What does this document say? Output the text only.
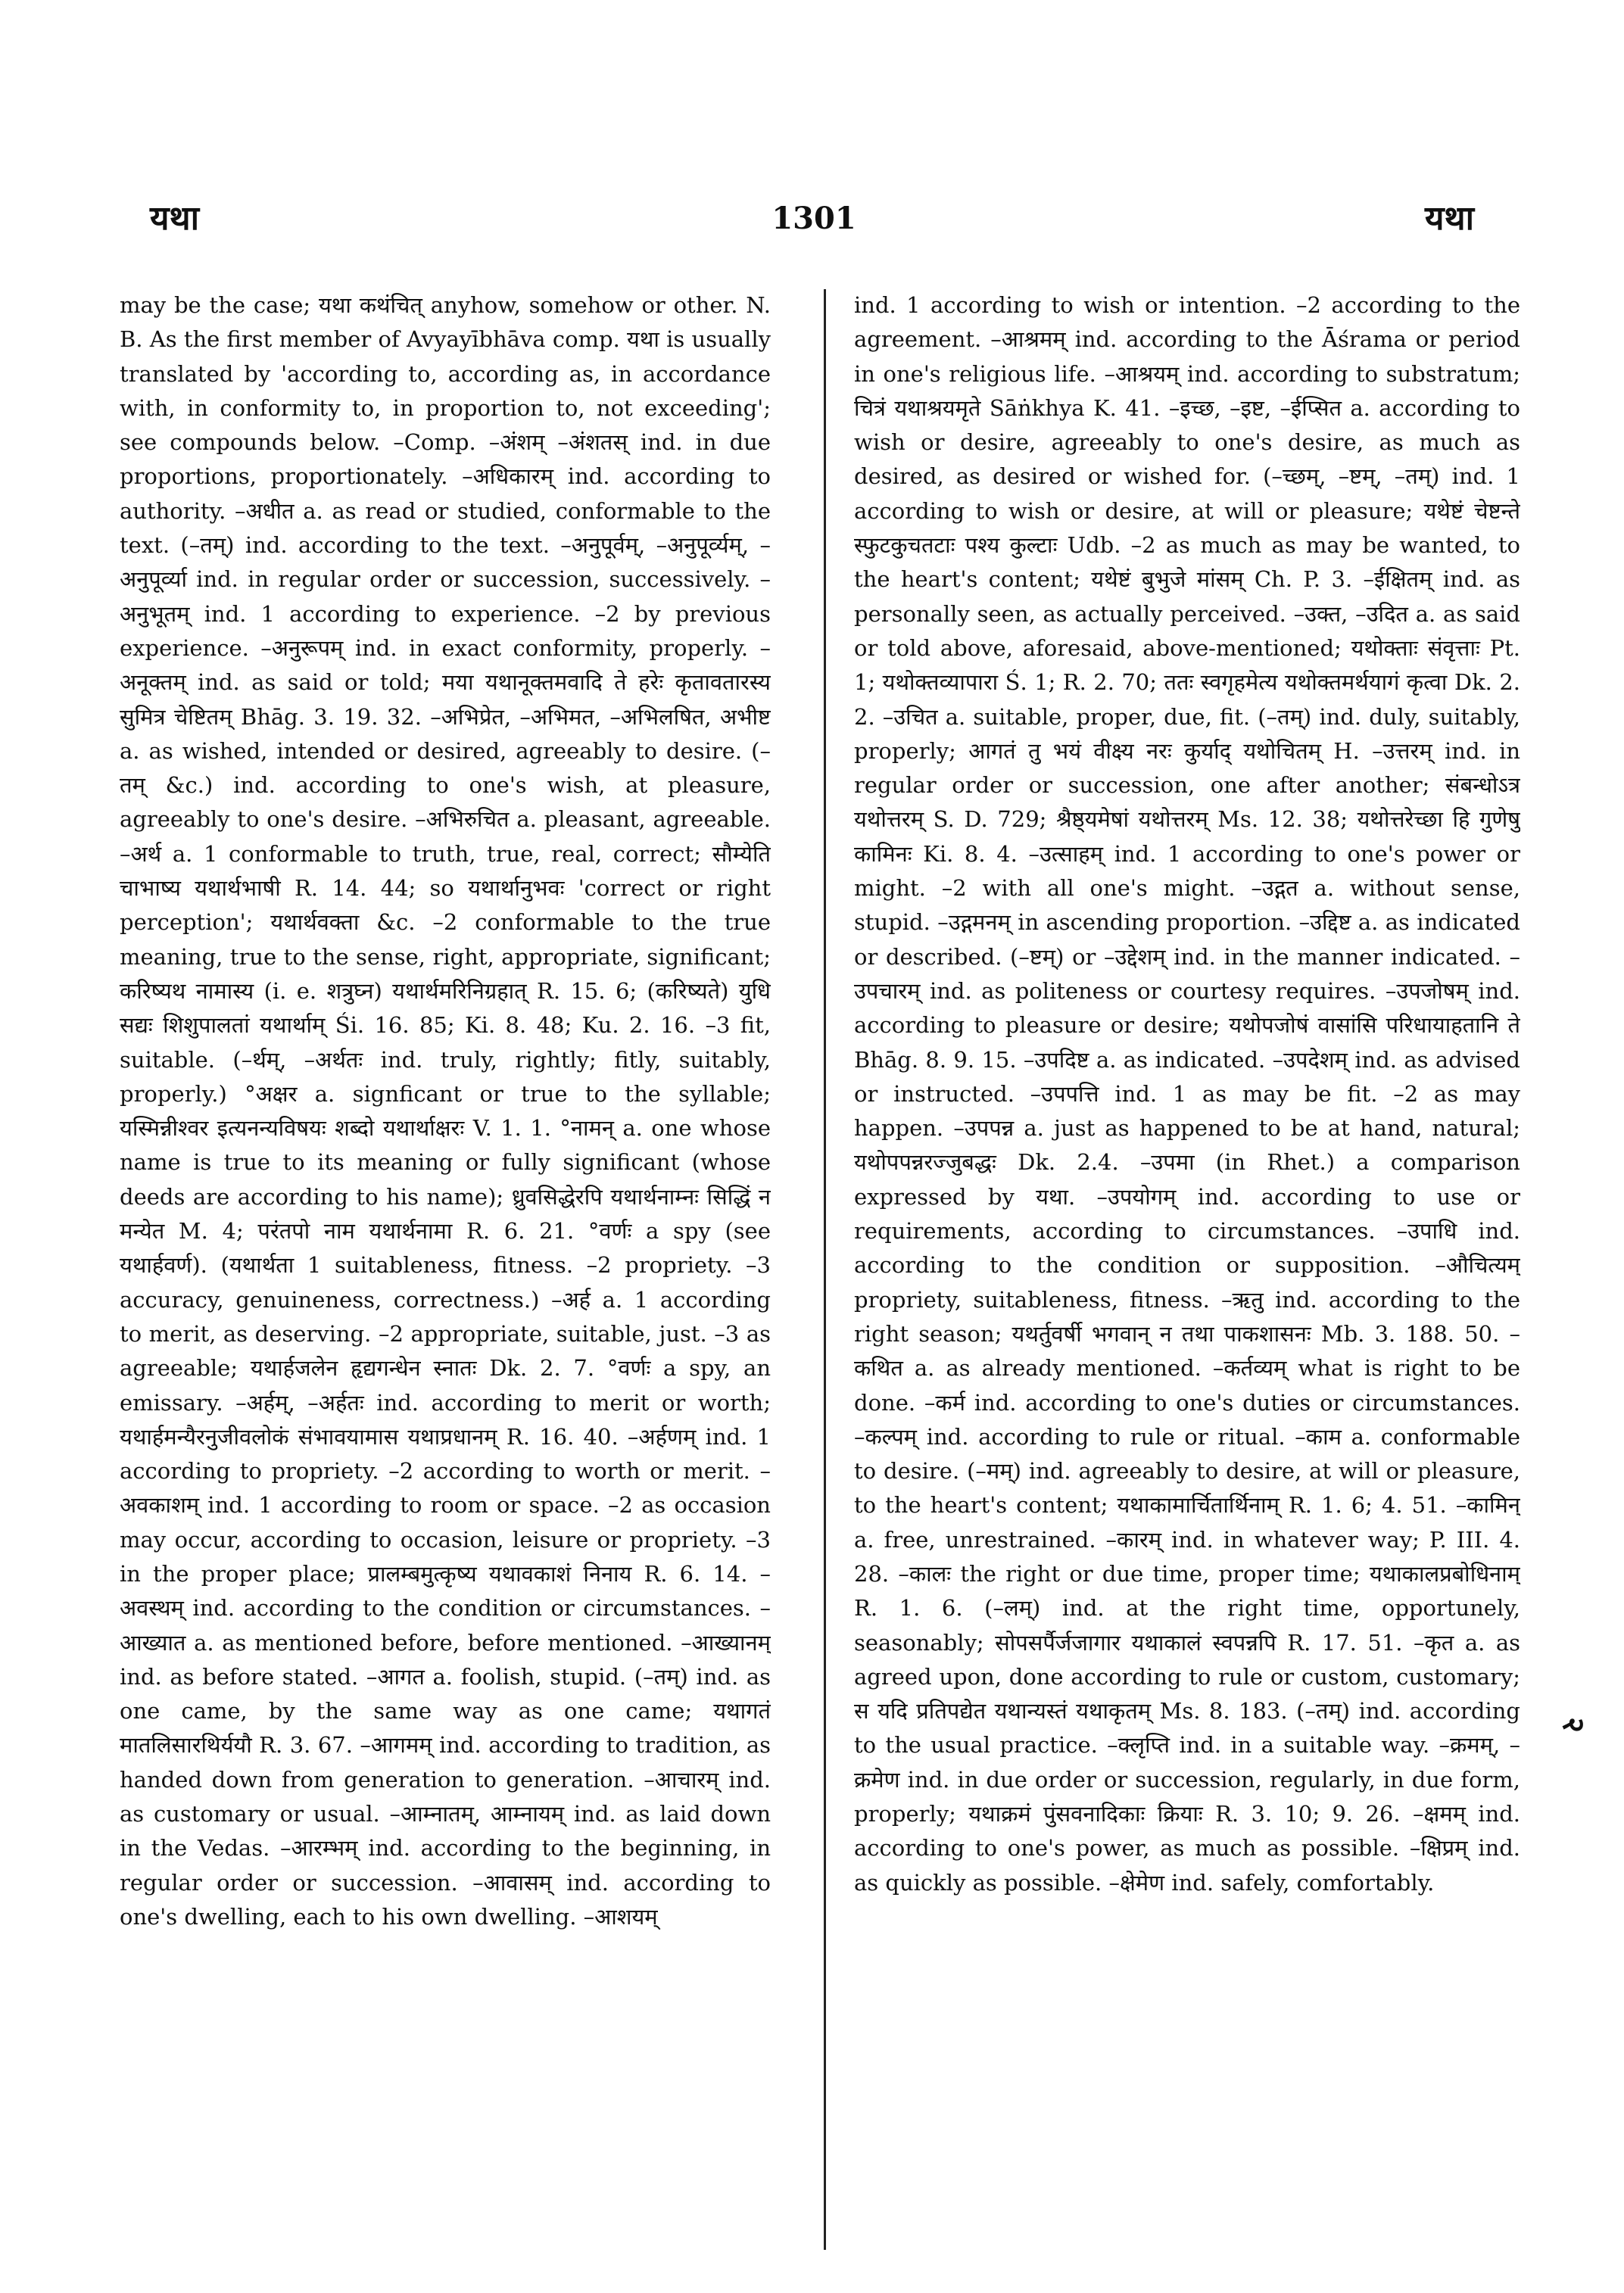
यथा	1301	यथा

may be the case; यथा कथंचित् anyhow, somehow or other. N. B. As the first member of Avyayībhāva comp. यथा is usually translated by 'according to, according as, in accordance with, in conformity to, in proportion to, not exceeding'; see compounds below. –Comp. –अंशम् –अंशतस् ind. in due proportions, proportionately. –अधिकारम् ind. according to authority. –अधीत a. as read or studied, conformable to the text. (–तम्) ind. according to the text. –अनुपूर्वम्, –अनुपूर्व्यम्, –अनुपूर्व्या ind. in regular order or succession, successively. –अनुभूतम् ind. 1 according to experience. –2 by previous experience. –अनुरूपम् ind. in exact conformity, properly. –अनूक्तम् ind. as said or told; मया यथानूक्तमवादि ते हरेः कृतावतारस्य सुमित्र चेष्टितम् Bhāg. 3. 19. 32. –अभिप्रेत, –अभिमत, –अभिलषित, अभीष्ट a. as wished, intended or desired, agreeably to desire. (–तम् &c.) ind. according to one's wish, at pleasure, agreeably to one's desire. –अभिरुचित a. pleasant, agreeable. –अर्थ a. 1 conformable to truth, true, real, correct; सौम्येति चाभाष्य यथार्थभाषी R. 14. 44; so यथार्थानुभवः 'correct or right perception'; यथार्थवक्ता &c. –2 conformable to the true meaning, true to the sense, right, appropriate, significant; करिष्यथ नामास्य (i. e. शत्रुघ्न) यथार्थमरिनिग्रहात् R. 15. 6; (करिष्यते) युधि सद्यः शिशुपालतां यथार्थाम् Śi. 16. 85; Ki. 8. 48; Ku. 2. 16. –3 fit, suitable. (–र्थम्, –अर्थतः ind. truly, rightly; fitly, suitably, properly.) °अक्षर a. signficant or true to the syllable; यस्मिन्नीश्वर इत्यनन्यविषयः शब्दो यथार्थाक्षरः V. 1. 1. °नामन् a. one whose name is true to its meaning or fully significant (whose deeds are according to his name); ध्रुवसिद्धेरपि यथार्थनाम्नः सिद्धिं न मन्येत M. 4; परंतपो नाम यथार्थनामा R. 6. 21. °वर्णः a spy (see यथार्हवर्ण). (यथार्थता 1 suitableness, fitness. –2 propriety. –3 accuracy, genuineness, correctness.) –अर्ह a. 1 according to merit, as deserving. –2 appropriate, suitable, just. –3 as agreeable; यथार्हजलेन हृद्यगन्धेन स्नातः Dk. 2. 7. °वर्णः a spy, an emissary. –अर्हम्, –अर्हतः ind. according to merit or worth; यथार्हमन्यैरनुजीवलोकं संभावयामास यथाप्रधानम् R. 16. 40. –अर्हणम् ind. 1 according to propriety. –2 according to worth or merit. –अवकाशम् ind. 1 according to room or space. –2 as occasion may occur, according to occasion, leisure or propriety. –3 in the proper place; प्रालम्बमुत्कृष्य यथावकाशं निनाय R. 6. 14. –अवस्थम् ind. according to the condition or circumstances. –आख्यात a. as mentioned before, before mentioned. –आख्यानम् ind. as before stated. –आगत a. foolish, stupid. (–तम्) ind. as one came, by the same way as one came; यथागतं मातलिसारथिर्ययौ R. 3. 67. –आगमम् ind. according to tradition, as handed down from generation to generation. –आचारम् ind. as customary or usual. –आम्नातम्, आम्नायम् ind. as laid down in the Vedas. –आरम्भम् ind. according to the beginning, in regular order or succession. –आवासम् ind. according to one's dwelling, each to his own dwelling. –आशयम्

ind. 1 according to wish or intention. –2 according to the agreement. –आश्रमम् ind. according to the Āśrama or period in one's religious life. –आश्रयम् ind. according to substratum; चित्रं यथाश्रयमृते Sāṅkhya K. 41. –इच्छ, –इष्ट, –ईप्सित a. according to wish or desire, agreeably to one's desire, as much as desired, as desired or wished for. (–च्छम्, –ष्टम्, –तम्) ind. 1 according to wish or desire, at will or pleasure; यथेष्टं चेष्टन्ते स्फुटकुचतटाः पश्य कुल्टाः Udb. –2 as much as may be wanted, to the heart's content; यथेष्टं बुभुजे मांसम् Ch. P. 3. –ईक्षितम् ind. as personally seen, as actually perceived. –उक्त, –उदित a. as said or told above, aforesaid, above-mentioned; यथोक्ताः संवृत्ताः Pt. 1; यथोक्तव्यापारा Ś. 1; R. 2. 70; ततः स्वगृहमेत्य यथोक्तमर्थयागं कृत्वा Dk. 2. 2. –उचित a. suitable, proper, due, fit. (–तम्) ind. duly, suitably, properly; आगतं तु भयं वीक्ष्य नरः कुर्याद् यथोचितम् H. –उत्तरम् ind. in regular order or succession, one after another; संबन्धोऽत्र यथोत्तरम् S. D. 729; श्रैष्ठ्यमेषां यथोत्तरम् Ms. 12. 38; यथोत्तरेच्छा हि गुणेषु कामिनः Ki. 8. 4. –उत्साहम् ind. 1 according to one's power or might. –2 with all one's might. –उद्गत a. without sense, stupid. –उद्गमनम् in ascending proportion. –उद्दिष्ट a. as indicated or described. (–ष्टम्) or –उद्देशम् ind. in the manner indicated. –उपचारम् ind. as politeness or courtesy requires. –उपजोषम् ind. according to pleasure or desire; यथोपजोषं वासांसि परिधायाहतानि ते Bhāg. 8. 9. 15. –उपदिष्ट a. as indicated. –उपदेशम् ind. as advised or instructed. –उपपत्ति ind. 1 as may be fit. –2 as may happen. –उपपन्न a. just as happened to be at hand, natural; यथोपपन्नरज्जुबद्धः Dk. 2.4. –उपमा (in Rhet.) a comparison expressed by यथा. –उपयोगम् ind. according to use or requirements, according to circumstances. –उपाधि ind. according to the condition or supposition. –औचित्यम् propriety, suitableness, fitness. –ऋतु ind. according to the right season; यथर्तुवर्षी भगवान् न तथा पाकशासनः Mb. 3. 188. 50. –कथित a. as already mentioned. –कर्तव्यम् what is right to be done. –कर्म ind. according to one's duties or circumstances. –कल्पम् ind. according to rule or ritual. –काम a. conformable to desire. (–मम्) ind. agreeably to desire, at will or pleasure, to the heart's content; यथाकामार्चितार्थिनाम् R. 1. 6; 4. 51. –कामिन् a. free, unrestrained. –कारम् ind. in whatever way; P. III. 4. 28. –कालः the right or due time, proper time; यथाकालप्रबोधिनाम् R. 1. 6. (–लम्) ind. at the right time, opportunely, seasonably; सोपसर्पैर्जजागार यथाकालं स्वपन्नपि R. 17. 51. –कृत a. as agreed upon, done according to rule or custom, customary; स यदि प्रतिपद्येत यथान्यस्तं यथाकृतम् Ms. 8. 183. (–तम्) ind. according to the usual practice. –क्लृप्ति ind. in a suitable way. –क्रमम्, –क्रमेण ind. in due order or succession, regularly, in due form, properly; यथाक्रमं पुंसवनादिकाः क्रियाः R. 3. 10; 9. 26. –क्षमम् ind. according to one's power, as much as possible. –क्षिप्रम् ind. as quickly as possible. –क्षेमेण ind. safely, comfortably.

२
